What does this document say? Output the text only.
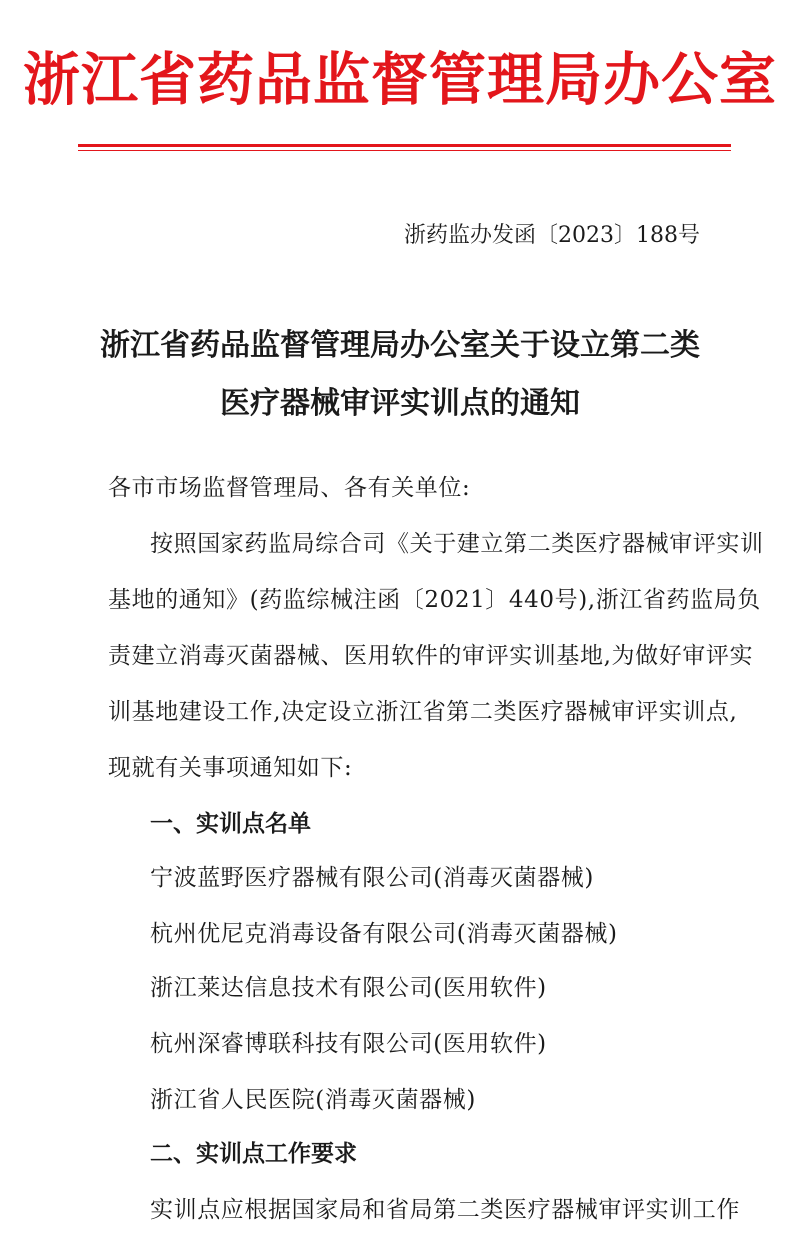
浙江省药品监督管理局办公室
浙药监办发函〔2023〕188号
浙江省药品监督管理局办公室关于设立第二类
医疗器械审评实训点的通知
各市市场监督管理局、各有关单位:
按照国家药监局综合司《关于建立第二类医疗器械审评实训
基地的通知》(药监综械注函〔2021〕440号),浙江省药监局负
责建立消毒灭菌器械、医用软件的审评实训基地,为做好审评实
训基地建设工作,决定设立浙江省第二类医疗器械审评实训点,
现就有关事项通知如下:
一、实训点名单
宁波蓝野医疗器械有限公司(消毒灭菌器械)
杭州优尼克消毒设备有限公司(消毒灭菌器械)
浙江莱达信息技术有限公司(医用软件)
杭州深睿博联科技有限公司(医用软件)
浙江省人民医院(消毒灭菌器械)
二、实训点工作要求
实训点应根据国家局和省局第二类医疗器械审评实训工作
